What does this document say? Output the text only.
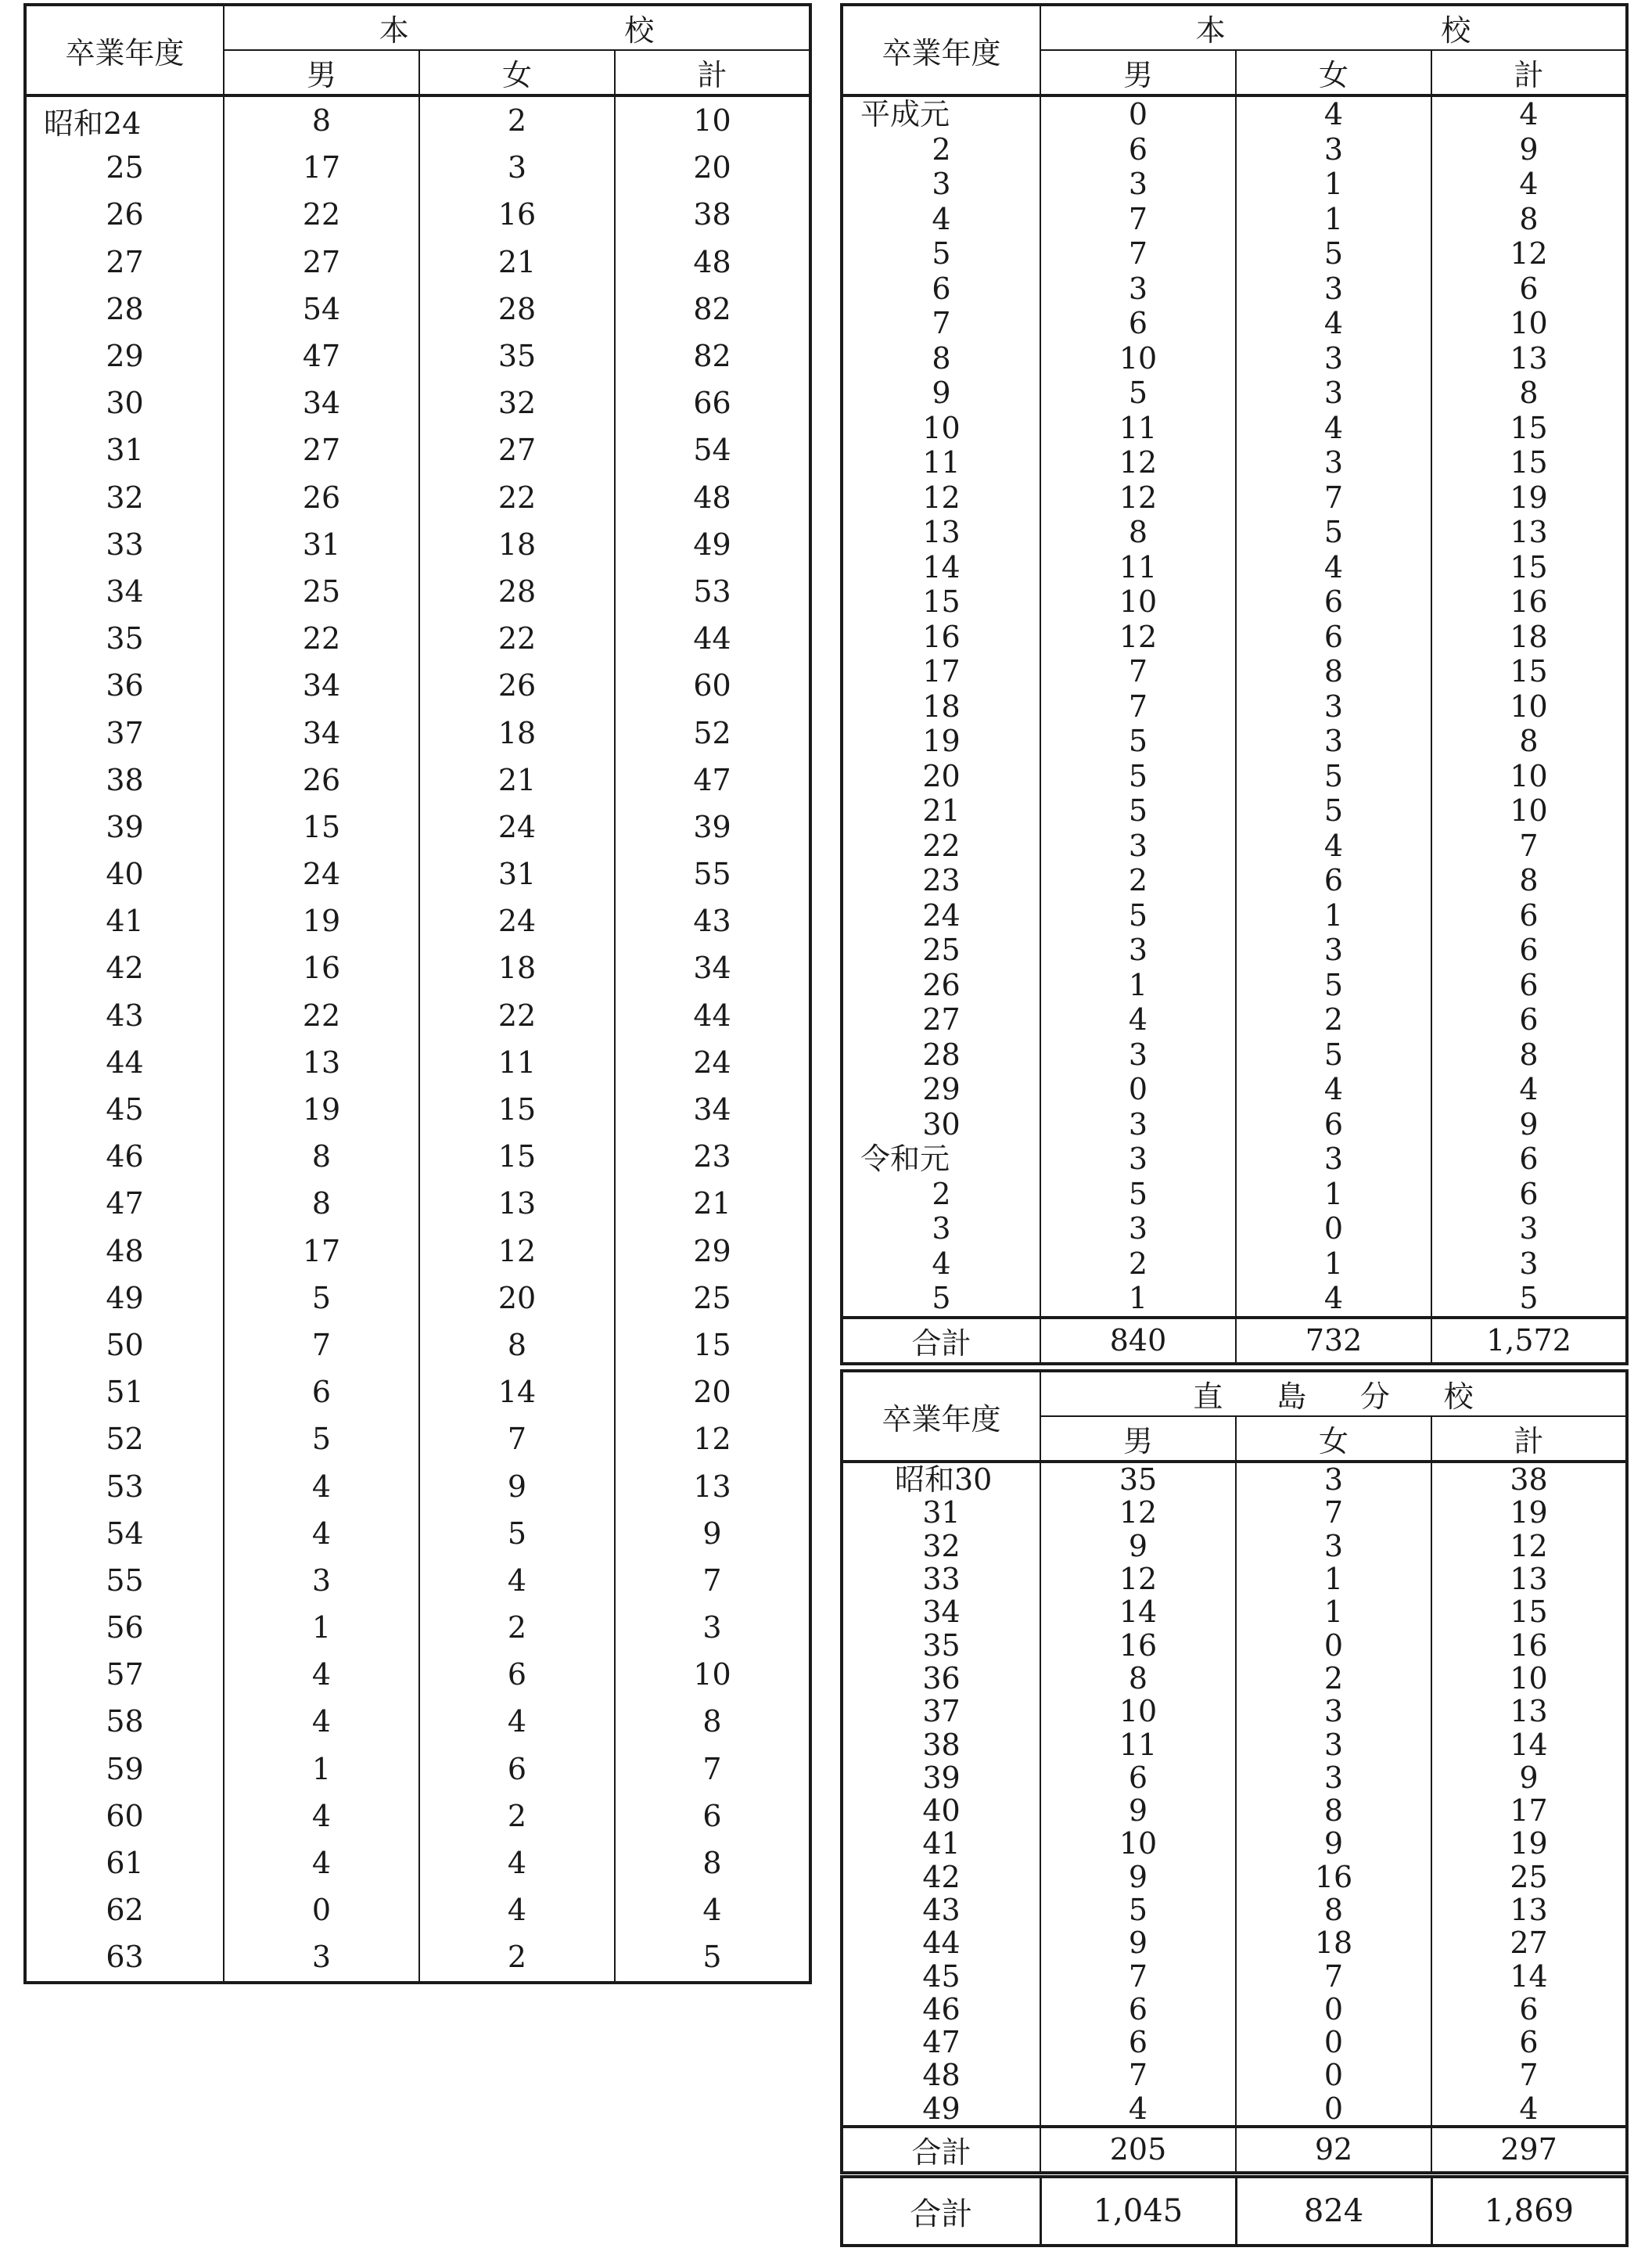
卒業年度	本 校		

	男	女	計
昭和24	8	2	10
25	17	3	20
26	22	16	38
27	27	21	48
28	54	28	82
29	47	35	82
30	34	32	66
31	27	27	54
32	26	22	48
33	31	18	49
34	25	28	53
35	22	22	44
36	34	26	60
37	34	18	52
38	26	21	47
39	15	24	39
40	24	31	55
41	19	24	43
42	16	18	34
43	22	22	44
44	13	11	24
45	19	15	34
46	8	15	23
47	8	13	21
48	17	12	29
49	5	20	25
50	7	8	15
51	6	14	20
52	5	7	12
53	4	9	13
54	4	5	9
55	3	4	7
56	1	2	3
57	4	6	10
58	4	4	8
59	1	6	7
60	4	2	6
61	4	4	8
62	0	4	4
63	3	2	5
卒業年度	本 校		

	男	女	計
平成元	0	4	4
2	6	3	9
3	3	1	4
4	7	1	8
5	7	5	12
6	3	3	6
7	6	4	10
8	10	3	13
9	5	3	8
10	11	4	15
11	12	3	15
12	12	7	19
13	8	5	13
14	11	4	15
15	10	6	16
16	12	6	18
17	7	8	15
18	7	3	10
19	5	3	8
20	5	5	10
21	5	5	10
22	3	4	7
23	2	6	8
24	5	1	6
25	3	3	6
26	1	5	6
27	4	2	6
28	3	5	8
29	0	4	4
30	3	6	9
令和元	3	3	6
2	5	1	6
3	3	0	3
4	2	1	3
5	1	4	5
合計	840	732	1,572
卒業年度	直 島 分 校		

	男	女	計
昭和30	35	3	38
31	12	7	19
32	9	3	12
33	12	1	13
34	14	1	15
35	16	0	16
36	8	2	10
37	10	3	13
38	11	3	14
39	6	3	9
40	9	8	17
41	10	9	19
42	9	16	25
43	5	8	13
44	9	18	27
45	7	7	14
46	6	0	6
47	6	0	6
48	7	0	7
49	4	0	4
合計	205	92	297
合計	1,045	824	1,869
